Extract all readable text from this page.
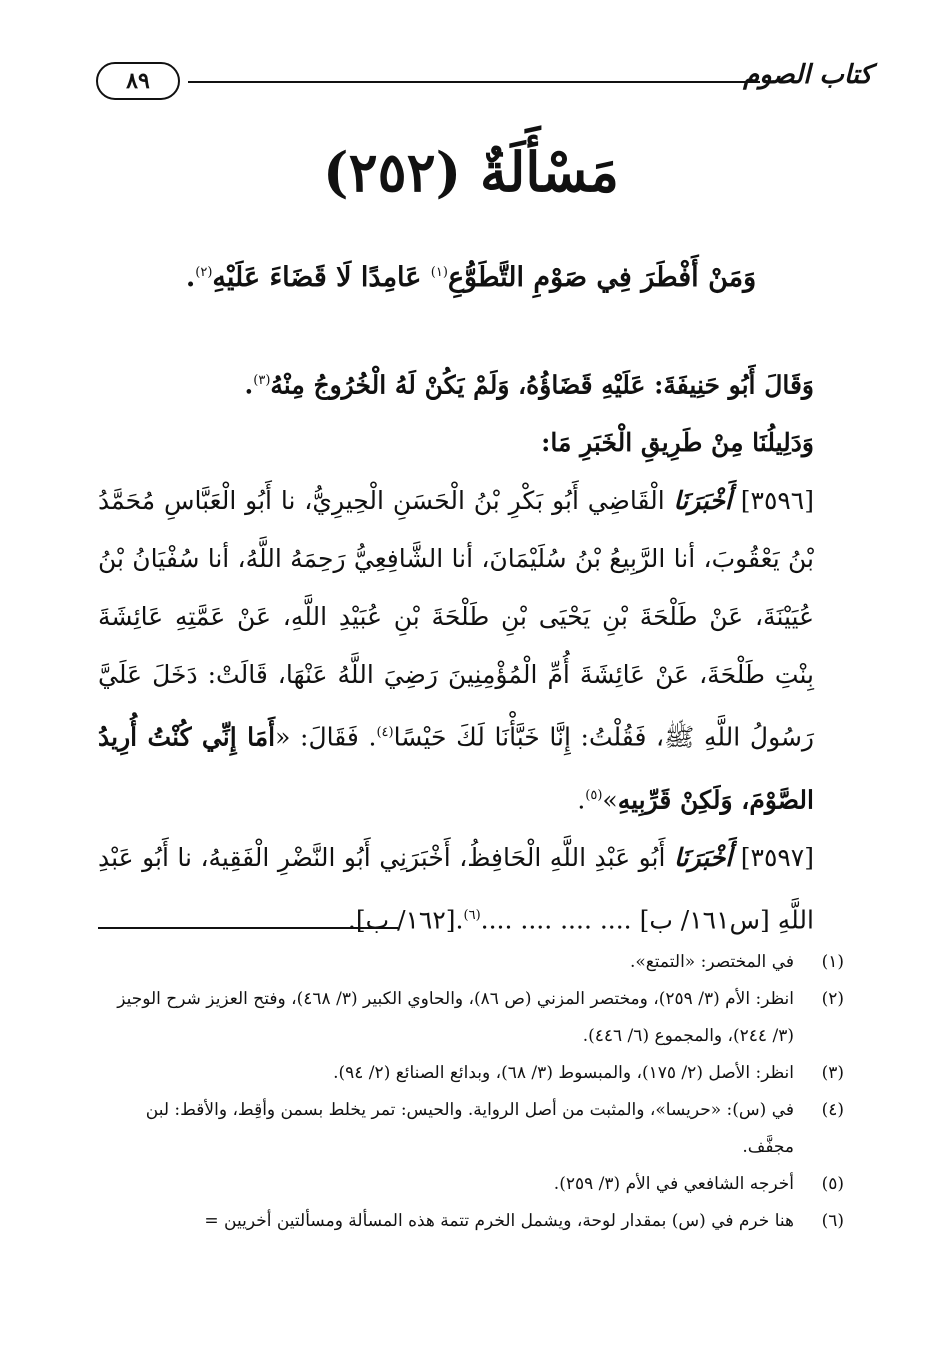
كتاب الصوم
٨٩
مَسْأَلَةٌ (٢٥٢)
وَمَنْ أَفْطَرَ فِي صَوْمِ التَّطَوُّعِ$^{(١)}$ عَامِدًا لَا قَضَاءَ عَلَيْهِ$^{(٢)}$.

وَقَالَ أَبُو حَنِيفَةَ: عَلَيْهِ قَضَاؤُهُ، وَلَمْ يَكُنْ لَهُ الْخُرُوجُ مِنْهُ$^{(٣)}$.

وَدَلِيلُنَا مِنْ طَرِيقِ الْخَبَرِ مَا:

[٣٥٩٦] أَخْبَرَنَا الْقَاضِي أَبُو بَكْرِ بْنُ الْحَسَنِ الْحِيرِيُّ، نا أَبُو الْعَبَّاسِ مُحَمَّدُ بْنُ يَعْقُوبَ، أنا الرَّبِيعُ بْنُ سُلَيْمَانَ، أنا الشَّافِعِيُّ رَحِمَهُ اللَّهُ، أنا سُفْيَانُ بْنُ عُيَيْنَةَ، عَنْ طَلْحَةَ بْنِ يَحْيَى بْنِ طَلْحَةَ بْنِ عُبَيْدِ اللَّهِ، عَنْ عَمَّتِهِ عَائِشَةَ بِنْتِ طَلْحَةَ، عَنْ عَائِشَةَ أُمِّ الْمُؤْمِنِينَ رَضِيَ اللَّهُ عَنْهَا، قَالَتْ: دَخَلَ عَلَيَّ رَسُولُ اللَّهِ ﷺ، فَقُلْتُ: إِنَّا خَبَّأْنَا لَكَ حَيْسًا$^{(٤)}$. فَقَالَ: «أَمَا إِنِّي كُنْتُ أُرِيدُ الصَّوْمَ، وَلَكِنْ قَرِّبِيهِ»$^{(٥)}$.

[٣٥٩٧] أَخْبَرَنَا أَبُو عَبْدِ اللَّهِ الْحَافِظُ، أَخْبَرَنِي أَبُو النَّضْرِ الْفَقِيهُ، نا أَبُو عَبْدِ اللَّهِ [س١٦١/ ب] .... .... .... ....$^{(٦)}$.[١٦٢/ ب].

(١)
في المختصر: «التمتع».
(٢)
انظر: الأم (٣/ ٢٥٩)، ومختصر المزني (ص ٨٦)، والحاوي الكبير (٣/ ٤٦٨)، وفتح العزيز شرح الوجيز (٣/ ٢٤٤)، والمجموع (٦/ ٤٤٦).
(٣)
انظر: الأصل (٢/ ١٧٥)، والمبسوط (٣/ ٦٨)، وبدائع الصنائع (٢/ ٩٤).
(٤)
في (س): «حريسا»، والمثبت من أصل الرواية. والحيس: تمر يخلط بسمن وأقِط، والأقط: لبن مجفَّف.
(٥)
أخرجه الشافعي في الأم (٣/ ٢٥٩).
(٦)
هنا خرم في (س) بمقدار لوحة، ويشمل الخرم تتمة هذه المسألة ومسألتين أخريين =
